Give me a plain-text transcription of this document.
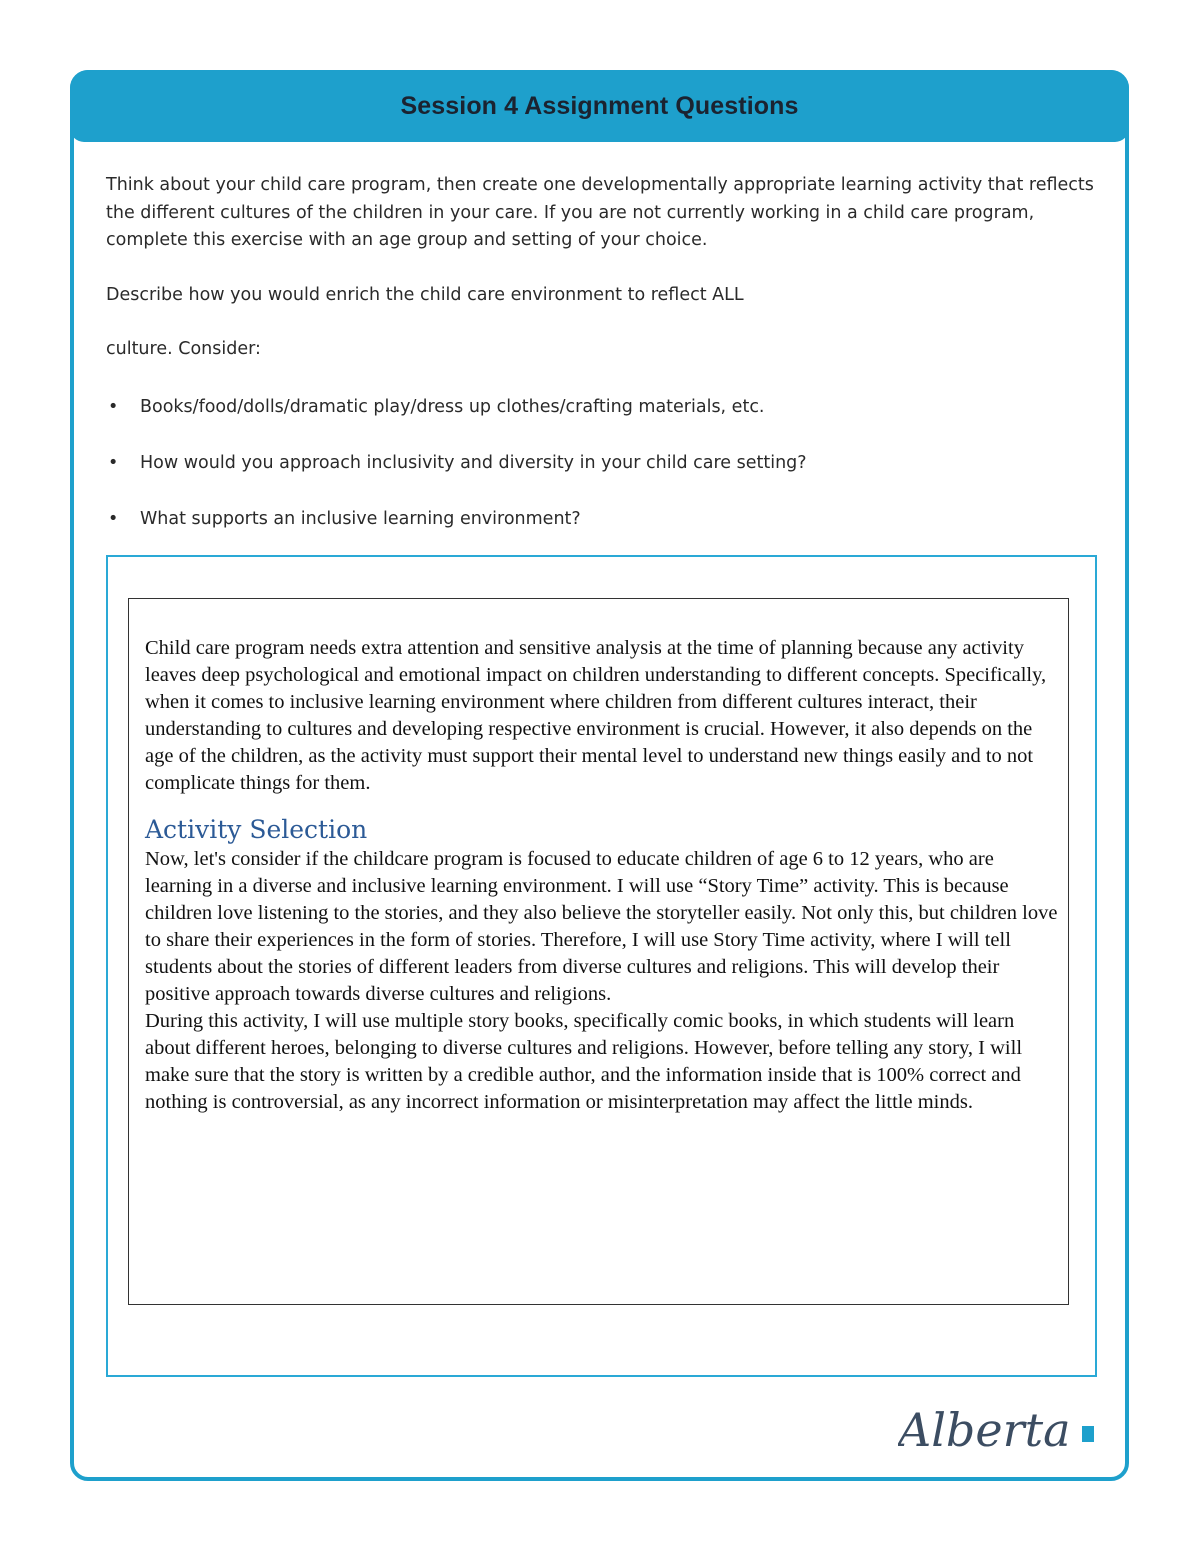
Session 4 Assignment Questions

Think about your child care program, then create one developmentally appropriate learning activity that reflects the different cultures of the children in your care. If you are not currently working in a child care program, complete this exercise with an age group and setting of your choice.

Describe how you would enrich the child care environment to reflect ALL

culture. Consider:

• Books/food/dolls/dramatic play/dress up clothes/crafting materials, etc.
• How would you approach inclusivity and diversity in your child care setting?
• What supports an inclusive learning environment?

Child care program needs extra attention and sensitive analysis at the time of planning because any activity leaves deep psychological and emotional impact on children understanding to different concepts. Specifically, when it comes to inclusive learning environment where children from different cultures interact, their understanding to cultures and developing respective environment is crucial. However, it also depends on the age of the children, as the activity must support their mental level to understand new things easily and to not complicate things for them.

Activity Selection

Now, let's consider if the childcare program is focused to educate children of age 6 to 12 years, who are learning in a diverse and inclusive learning environment. I will use “Story Time” activity. This is because children love listening to the stories, and they also believe the storyteller easily. Not only this, but children love to share their experiences in the form of stories. Therefore, I will use Story Time activity, where I will tell students about the stories of different leaders from diverse cultures and religions. This will develop their positive approach towards diverse cultures and religions.

During this activity, I will use multiple story books, specifically comic books, in which students will learn about different heroes, belonging to diverse cultures and religions. However, before telling any story, I will make sure that the story is written by a credible author, and the information inside that is 100% correct and nothing is controversial, as any incorrect information or misinterpretation may affect the little minds.

Alberta
